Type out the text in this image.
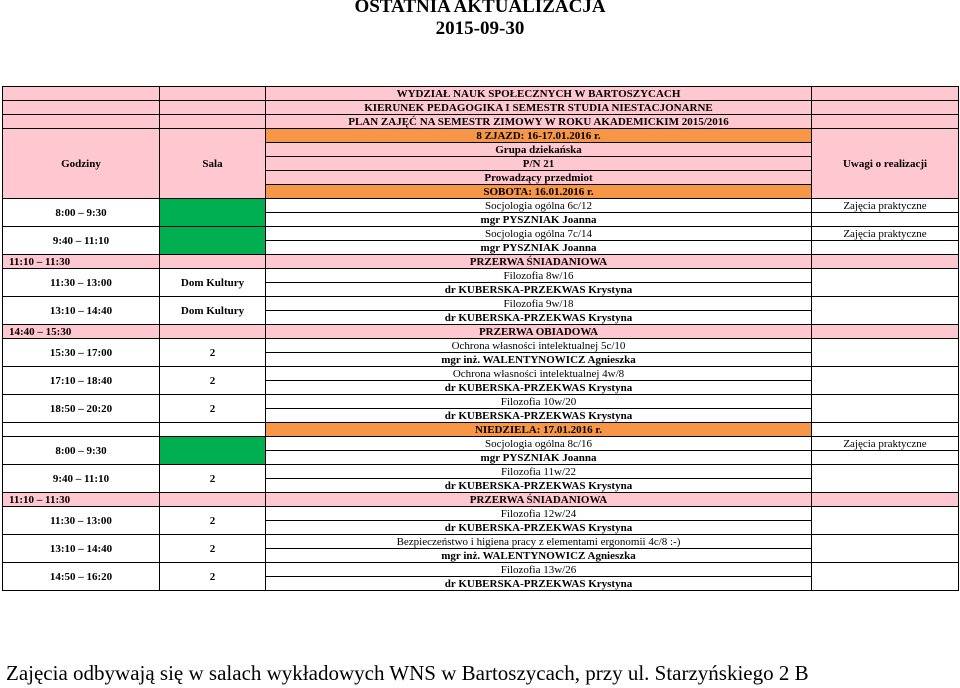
OSTATNIA AKTUALIZACJA
2015-09-30
		WYDZIAŁ NAUK SPOŁECZNYCH W BARTOSZYCACH	
		KIERUNEK PEDAGOGIKA I SEMESTR STUDIA NIESTACJONARNE	
		PLAN ZAJĘĆ NA SEMESTR ZIMOWY W ROKU AKADEMICKIM 2015/2016	
Godziny	Sala	8 ZJAZD: 16-17.01.2016 r.	Uwagi o realizacji
		Grupa dziekańska	
		P/N 21	
		Prowadzący przedmiot	
		SOBOTA: 16.01.2016 r.	
8:00 – 9:30		Socjologia ogólna 6c/12	Zajęcia praktyczne
		mgr PYSZNIAK Joanna	
9:40 – 11:10		Socjologia ogólna 7c/14	Zajęcia praktyczne
		mgr PYSZNIAK Joanna	
11:10 – 11:30		PRZERWA ŚNIADANIOWA	
11:30 – 13:00	Dom Kultury	Filozofia 8w/16	
		dr KUBERSKA-PRZEKWAS Krystyna	
13:10 – 14:40	Dom Kultury	Filozofia 9w/18	
		dr KUBERSKA-PRZEKWAS Krystyna	
14:40 – 15:30		PRZERWA OBIADOWA	
15:30 – 17:00	2	Ochrona własności intelektualnej 5c/10	
		mgr inż. WALENTYNOWICZ Agnieszka	
17:10 – 18:40	2	Ochrona własności intelektualnej 4w/8	
		dr KUBERSKA-PRZEKWAS Krystyna	
18:50 – 20:20	2	Filozofia 10w/20	
		dr KUBERSKA-PRZEKWAS Krystyna	
		NIEDZIELA: 17.01.2016 r.	
8:00 – 9:30		Socjologia ogólna 8c/16	Zajęcia praktyczne
		mgr PYSZNIAK Joanna	
9:40 – 11:10	2	Filozofia 11w/22	
		dr KUBERSKA-PRZEKWAS Krystyna	
11:10 – 11:30		PRZERWA ŚNIADANIOWA	
11:30 – 13:00	2	Filozofia 12w/24	
		dr KUBERSKA-PRZEKWAS Krystyna	
13:10 – 14:40	2	Bezpieczeństwo i higiena pracy z elementami ergonomii 4c/8 :-)	
		mgr inż. WALENTYNOWICZ Agnieszka	
14:50 – 16:20	2	Filozofia 13w/26	
		dr KUBERSKA-PRZEKWAS Krystyna	
Zajęcia odbywają się w salach wykładowych WNS w Bartoszycach, przy ul. Starzyńskiego 2 B
